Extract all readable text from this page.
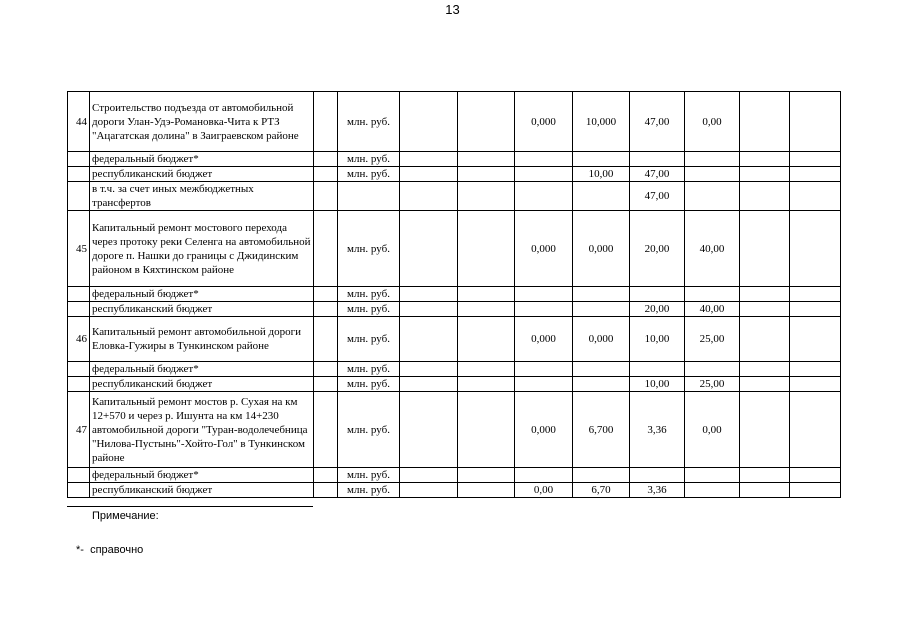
13
44	Строительство подъезда от автомобильной дороги Улан-Удэ-Романовка-Чита к РТЗ "Ацагатская долина" в Заиграевском районе		млн. руб.			0,000	10,000	47,00	0,00		
	федеральный бюджет*		млн. руб.								
	республиканский бюджет		млн. руб.				10,00	47,00			
	в т.ч. за счет иных межбюджетных трансфертов							47,00			
45	Капитальный ремонт мостового перехода через протоку реки Селенга на автомобильной дороге п. Нашки до границы с Джидинским районом в Кяхтинском районе		млн. руб.			0,000	0,000	20,00	40,00		
	федеральный бюджет*		млн. руб.								
	республиканский бюджет		млн. руб.					20,00	40,00		
46	Капитальный ремонт автомобильной дороги Еловка-Гужиры в Тункинском районе		млн. руб.			0,000	0,000	10,00	25,00		
	федеральный бюджет*		млн. руб.								
	республиканский бюджет		млн. руб.					10,00	25,00		
47	Капитальный ремонт мостов р. Сухая на км 12+570 и через р. Ишунта на км 14+230 автомобильной дороги "Туран-водолечебница "Нилова-Пустынь"-Хойто-Гол" в Тункинском районе		млн. руб.			0,000	6,700	3,36	0,00		
	федеральный бюджет*		млн. руб.								
	республиканский бюджет		млн. руб.			0,00	6,70	3,36			
Примечание:
*- справочно
